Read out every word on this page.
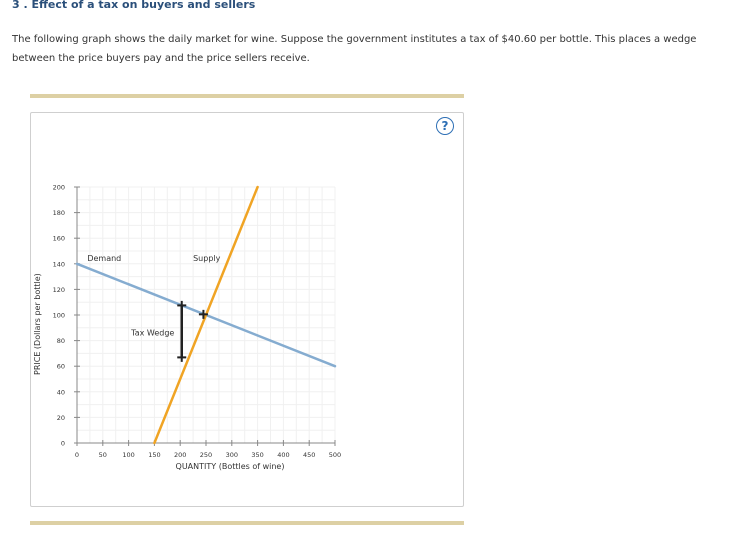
3 . Effect of a tax on buyers and sellers
The following graph shows the daily market for wine. Suppose the government institutes a tax of $40.60 per bottle. This places a wedge between the price buyers pay and the price sellers receive.
?
0
20
40
60
80
100
120
140
160
180
200
0	50 100 150 200 250 300 350 400 450 500
Demand	Supply
Tax Wedge
PRICE (Dollars per bottle)
QUANTITY (Bottles of wine)
